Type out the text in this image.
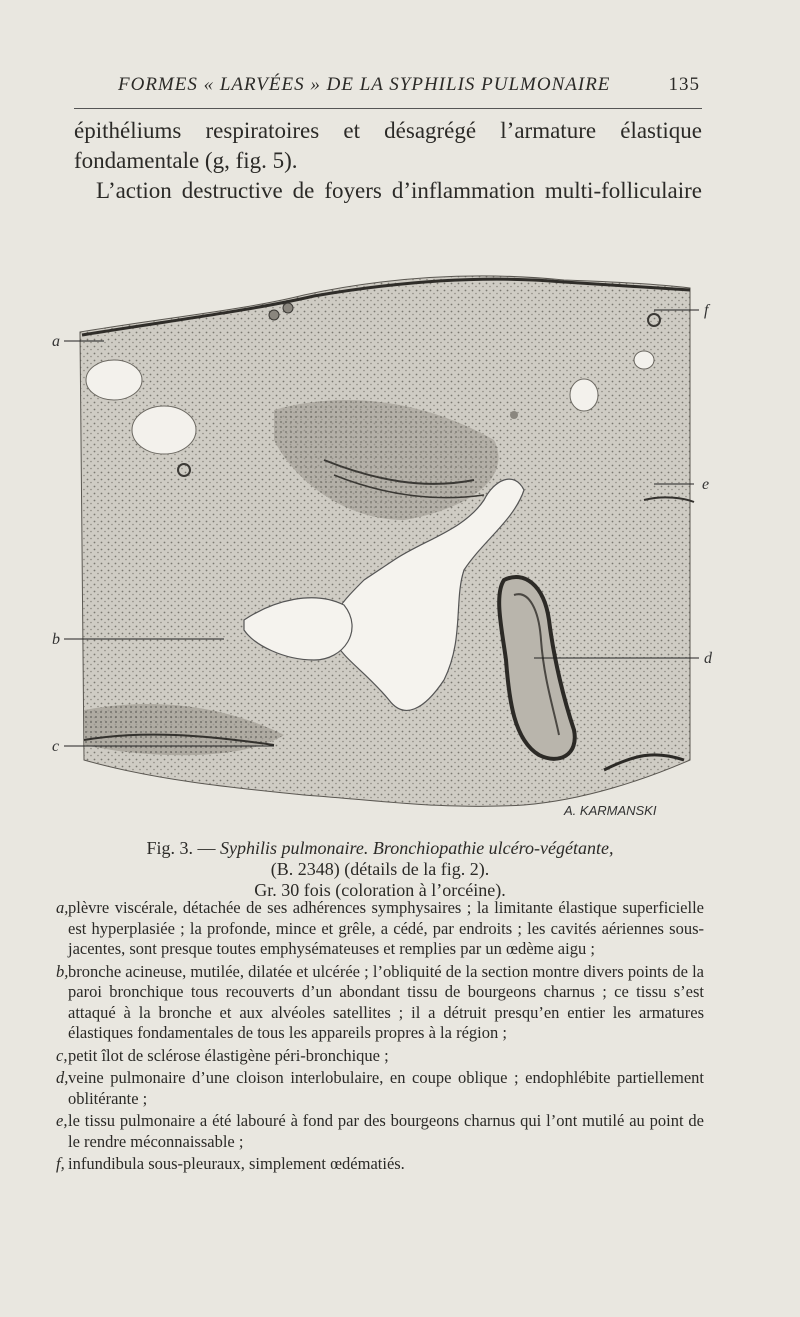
FORMES « LARVÉES » DE LA SYPHILIS PULMONAIRE	135

épithéliums respiratoires et désagrégé l’armature élastique

fondamentale (g, fig. 5).

L’action destructive de foyers d’inflammation multi-folliculaire

a
b
c
d
e
f
A. KARMANSKI
Fig. 3. — Syphilis pulmonaire. Bronchiopathie ulcéro-végétante,
(B. 2348) (détails de la fig. 2).
Gr. 30 fois (coloration à l’orcéine).
a, plèvre viscérale, détachée de ses adhérences symphysaires ; la limitante élastique superficielle est hyperplasiée ; la profonde, mince et grêle, a cédé, par endroits ; les cavités aériennes sous-jacentes, sont presque toutes emphysémateuses et remplies par un œdème aigu ;
b, bronche acineuse, mutilée, dilatée et ulcérée ; l’obliquité de la section montre divers points de la paroi bronchique tous recouverts d’un abondant tissu de bourgeons charnus ; ce tissu s’est attaqué à la bronche et aux alvéoles satellites ; il a détruit presqu’en entier les armatures élastiques fondamentales de tous les appareils propres à la région ;
c, petit îlot de sclérose élastigène péri-bronchique ;
d, veine pulmonaire d’une cloison interlobulaire, en coupe oblique ; endophlébite partiellement oblitérante ;
e, le tissu pulmonaire a été labouré à fond par des bourgeons charnus qui l’ont mutilé au point de le rendre méconnaissable ;
f, infundibula sous-pleuraux, simplement œdématiés.
